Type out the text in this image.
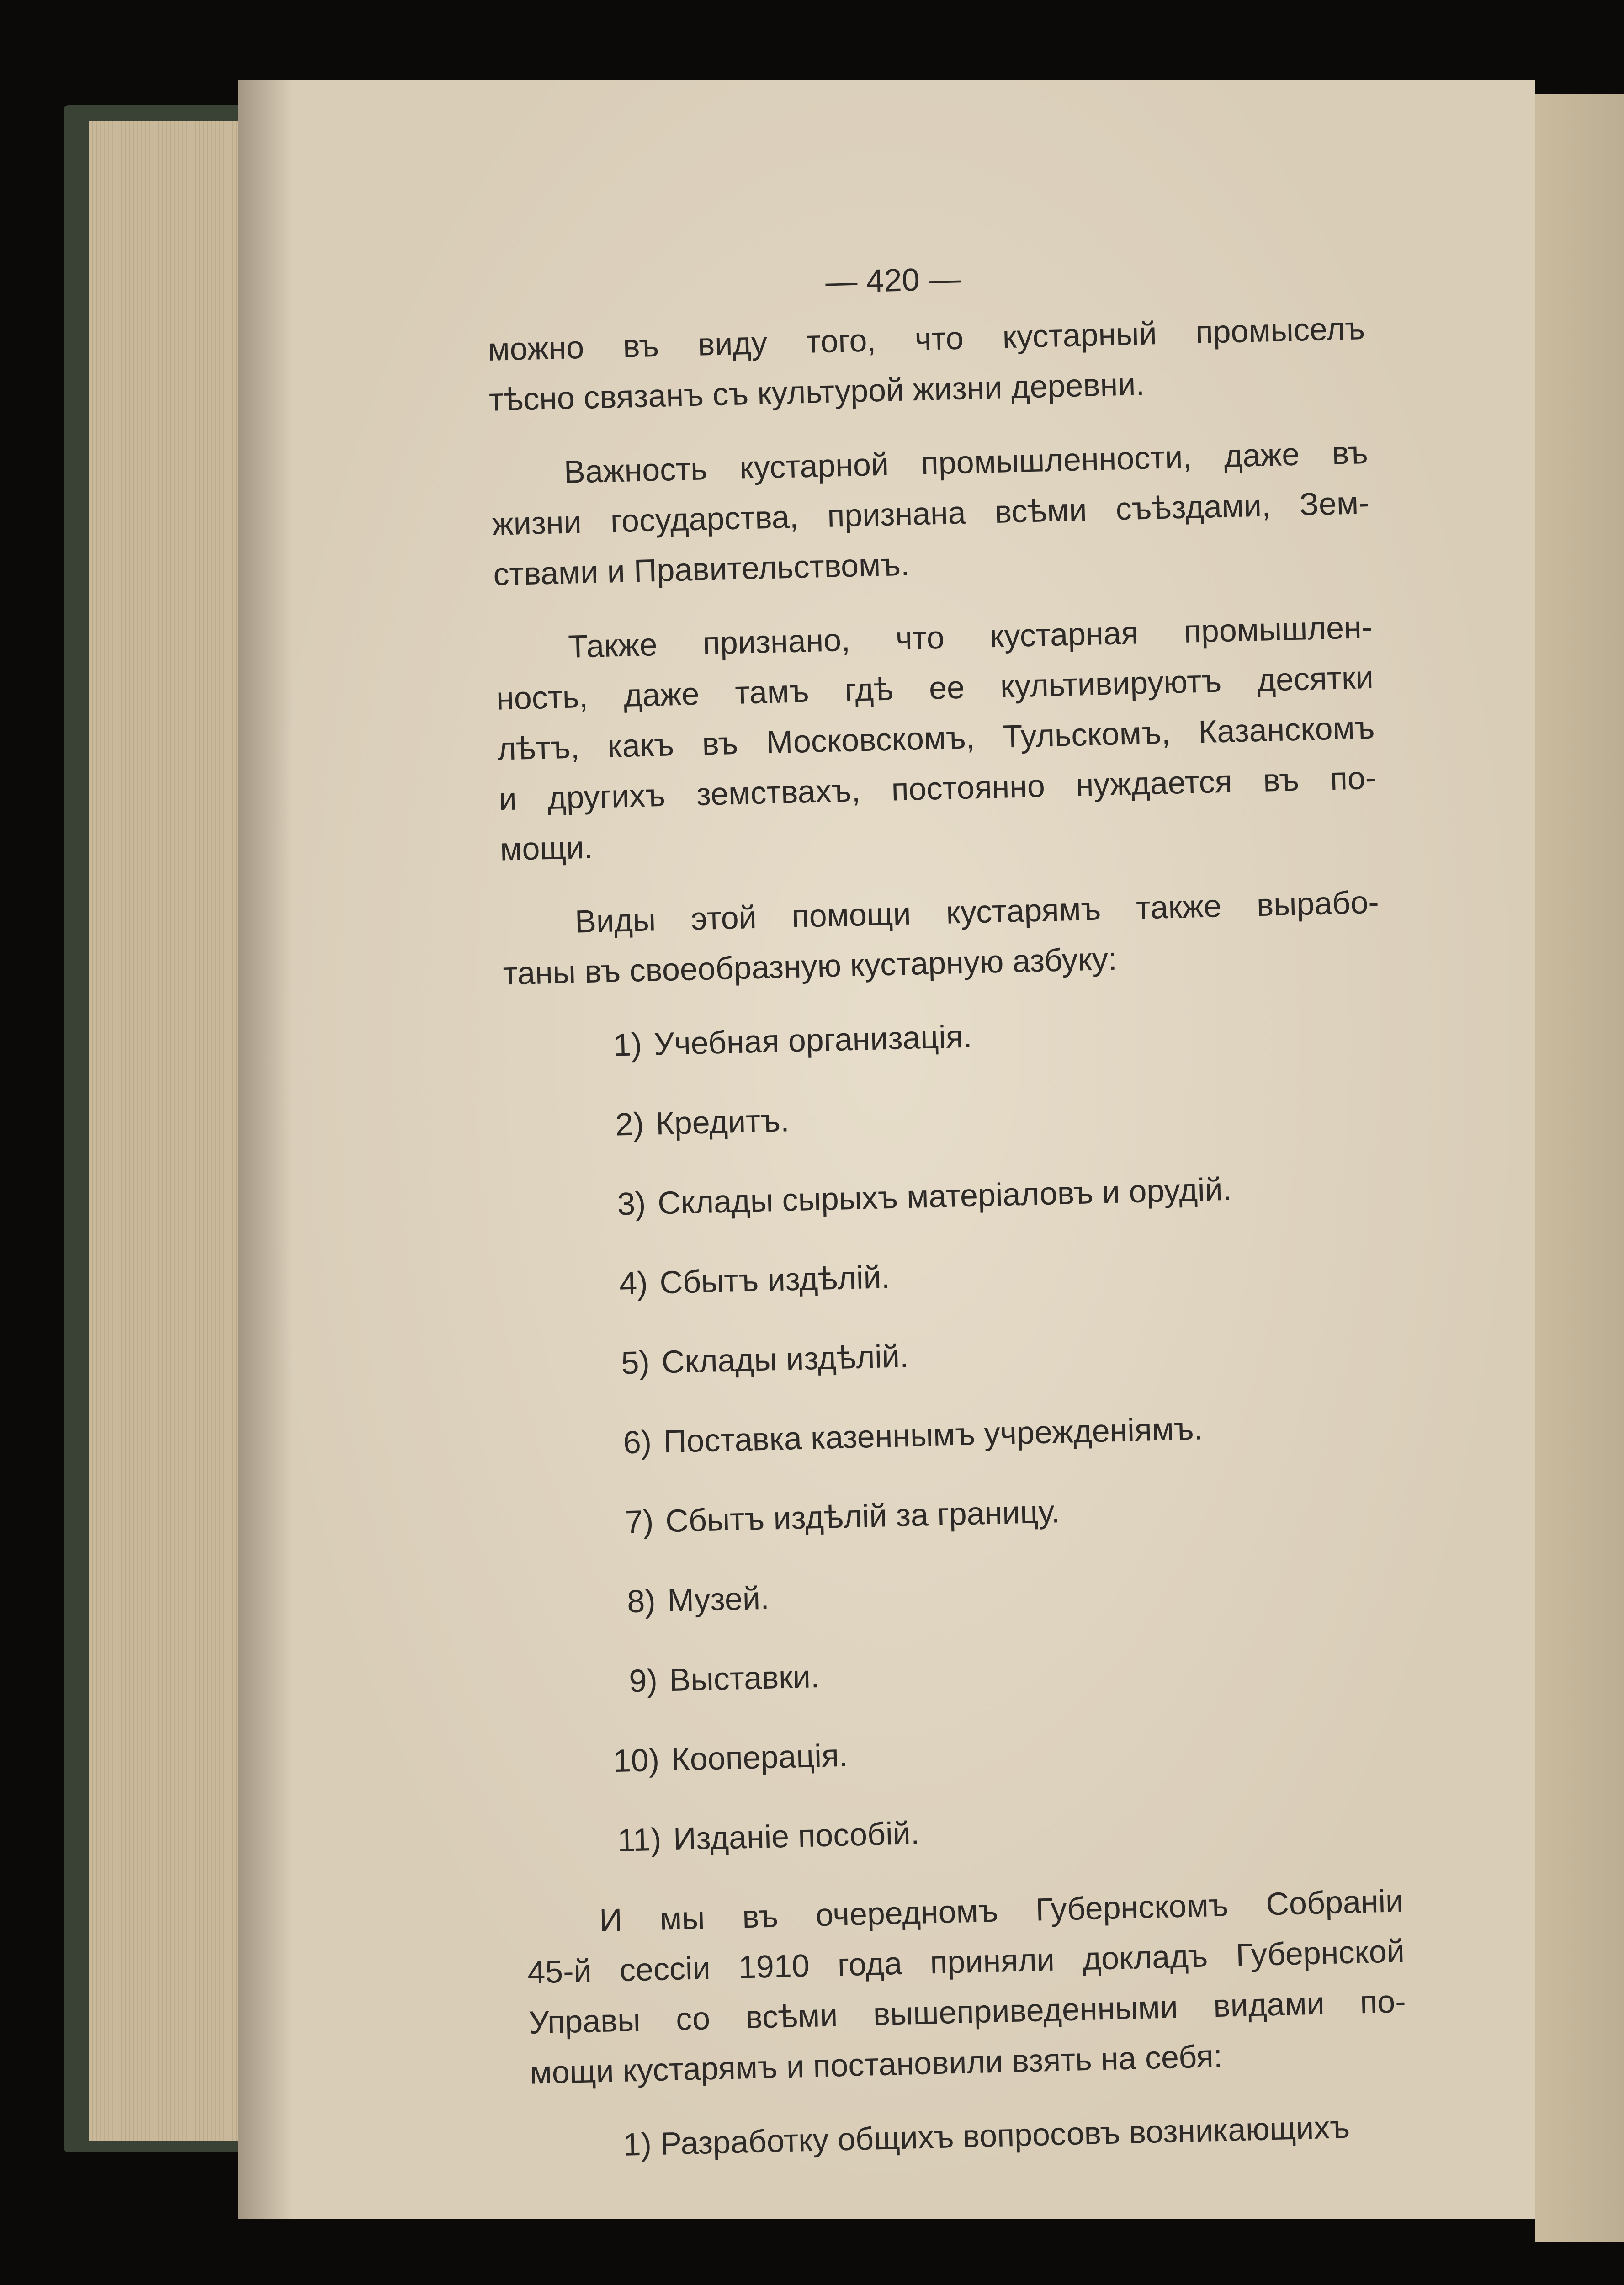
— 420 —

можно въ виду того, что кустарный промыселъ
тѣсно связанъ съ культурой жизни деревни.

Важность кустарной промышленности, даже въ
жизни государства, признана всѣми съѣздами, Зем-
ствами и Правительствомъ.

Также признано, что кустарная промышлен-
ность, даже тамъ гдѣ ее культивируютъ десятки
лѣтъ, какъ въ Московскомъ, Тульскомъ, Казанскомъ
и другихъ земствахъ, постоянно нуждается въ по-
мощи.

Виды этой помощи кустарямъ также вырабо-
таны въ своеобразную кустарную азбуку:

1) Учебная организація.
2) Кредитъ.
3) Склады сырыхъ матеріаловъ и орудій.
4) Сбытъ издѣлій.
5) Склады издѣлій.
6) Поставка казеннымъ учрежденіямъ.
7) Сбытъ издѣлій за границу.
8) Музей.
9) Выставки.
10) Кооперація.
11) Изданіе пособій.

И мы въ очередномъ Губернскомъ Собраніи
45-й сессіи 1910 года приняли докладъ Губернской
Управы со всѣми вышеприведенными видами по-
мощи кустарямъ и постановили взять на себя:

1) Разработку общихъ вопросовъ возникающихъ
